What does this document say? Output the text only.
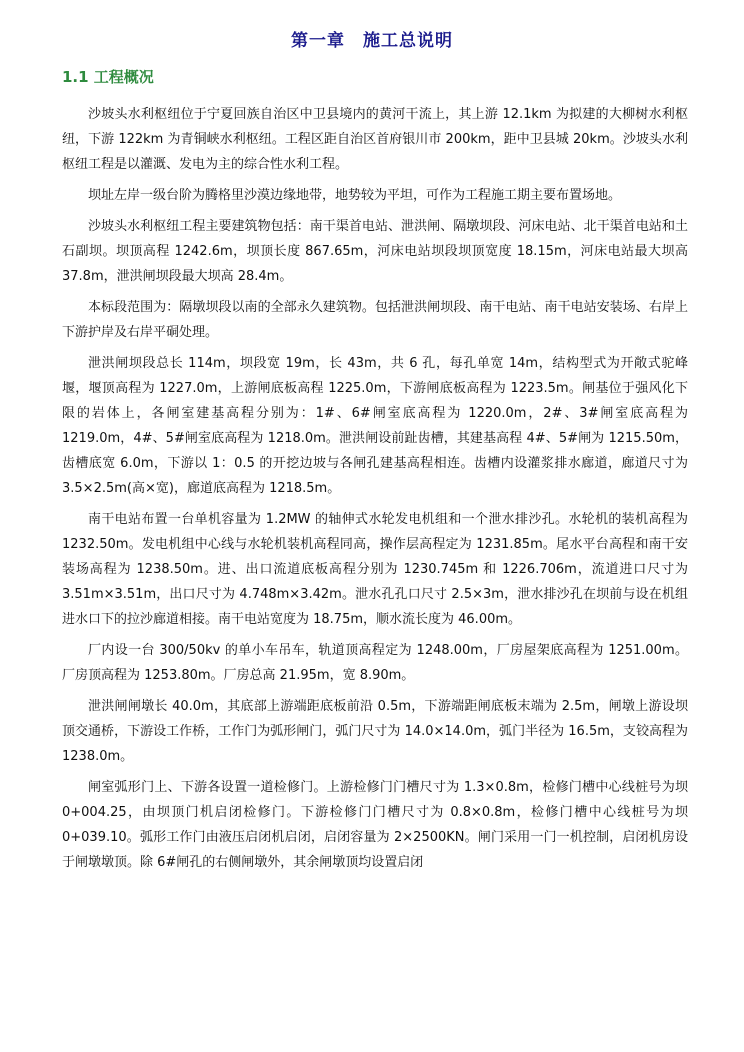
第一章　施工总说明
1.1 工程概况

沙坡头水利枢纽位于宁夏回族自治区中卫县境内的黄河干流上，其上游 12.1km 为拟建的大柳树水利枢纽，下游 122km 为青铜峡水利枢纽。工程区距自治区首府银川市 200km，距中卫县城 20km。沙坡头水利枢纽工程是以灌溉、发电为主的综合性水利工程。

坝址左岸一级台阶为腾格里沙漠边缘地带，地势较为平坦，可作为工程施工期主要布置场地。

沙坡头水利枢纽工程主要建筑物包括：南干渠首电站、泄洪闸、隔墩坝段、河床电站、北干渠首电站和土石副坝。坝顶高程 1242.6m，坝顶长度 867.65m，河床电站坝段坝顶宽度 18.15m，河床电站最大坝高 37.8m，泄洪闸坝段最大坝高 28.4m。

本标段范围为：隔墩坝段以南的全部永久建筑物。包括泄洪闸坝段、南干电站、南干电站安装场、右岸上下游护岸及右岸平硐处理。

泄洪闸坝段总长 114m，坝段宽 19m，长 43m，共 6 孔，每孔单宽 14m，结构型式为开敞式驼峰堰，堰顶高程为 1227.0m，上游闸底板高程 1225.0m，下游闸底板高程为 1223.5m。闸基位于强风化下限的岩体上，各闸室建基高程分别为：1#、6#闸室底高程为 1220.0m，2#、3#闸室底高程为 1219.0m，4#、5#闸室底高程为 1218.0m。泄洪闸设前趾齿槽，其建基高程 4#、5#闸为 1215.50m，齿槽底宽 6.0m，下游以 1：0.5 的开挖边坡与各闸孔建基高程相连。齿槽内设灌浆排水廊道，廊道尺寸为 3.5×2.5m(高×宽)，廊道底高程为 1218.5m。

南干电站布置一台单机容量为 1.2MW 的轴伸式水轮发电机组和一个泄水排沙孔。水轮机的装机高程为 1232.50m。发电机组中心线与水轮机装机高程同高，操作层高程定为 1231.85m。尾水平台高程和南干安装场高程为 1238.50m。进、出口流道底板高程分别为 1230.745m 和 1226.706m，流道进口尺寸为 3.51m×3.51m，出口尺寸为 4.748m×3.42m。泄水孔孔口尺寸 2.5×3m，泄水排沙孔在坝前与设在机组进水口下的拉沙廊道相接。南干电站宽度为 18.75m，顺水流长度为 46.00m。

厂内设一台 300/50kv 的单小车吊车，轨道顶高程定为 1248.00m，厂房屋架底高程为 1251.00m。厂房顶高程为 1253.80m。厂房总高 21.95m，宽 8.90m。

泄洪闸闸墩长 40.0m，其底部上游端距底板前沿 0.5m，下游端距闸底板末端为 2.5m，闸墩上游设坝顶交通桥，下游设工作桥，工作门为弧形闸门，弧门尺寸为 14.0×14.0m，弧门半径为 16.5m，支铰高程为 1238.0m。

闸室弧形门上、下游各设置一道检修门。上游检修门门槽尺寸为 1.3×0.8m，检修门槽中心线桩号为坝 0+004.25，由坝顶门机启闭检修门。下游检修门门槽尺寸为 0.8×0.8m，检修门槽中心线桩号为坝 0+039.10。弧形工作门由液压启闭机启闭，启闭容量为 2×2500KN。闸门采用一门一机控制，启闭机房设于闸墩墩顶。除 6#闸孔的右侧闸墩外，其余闸墩顶均设置启闭
